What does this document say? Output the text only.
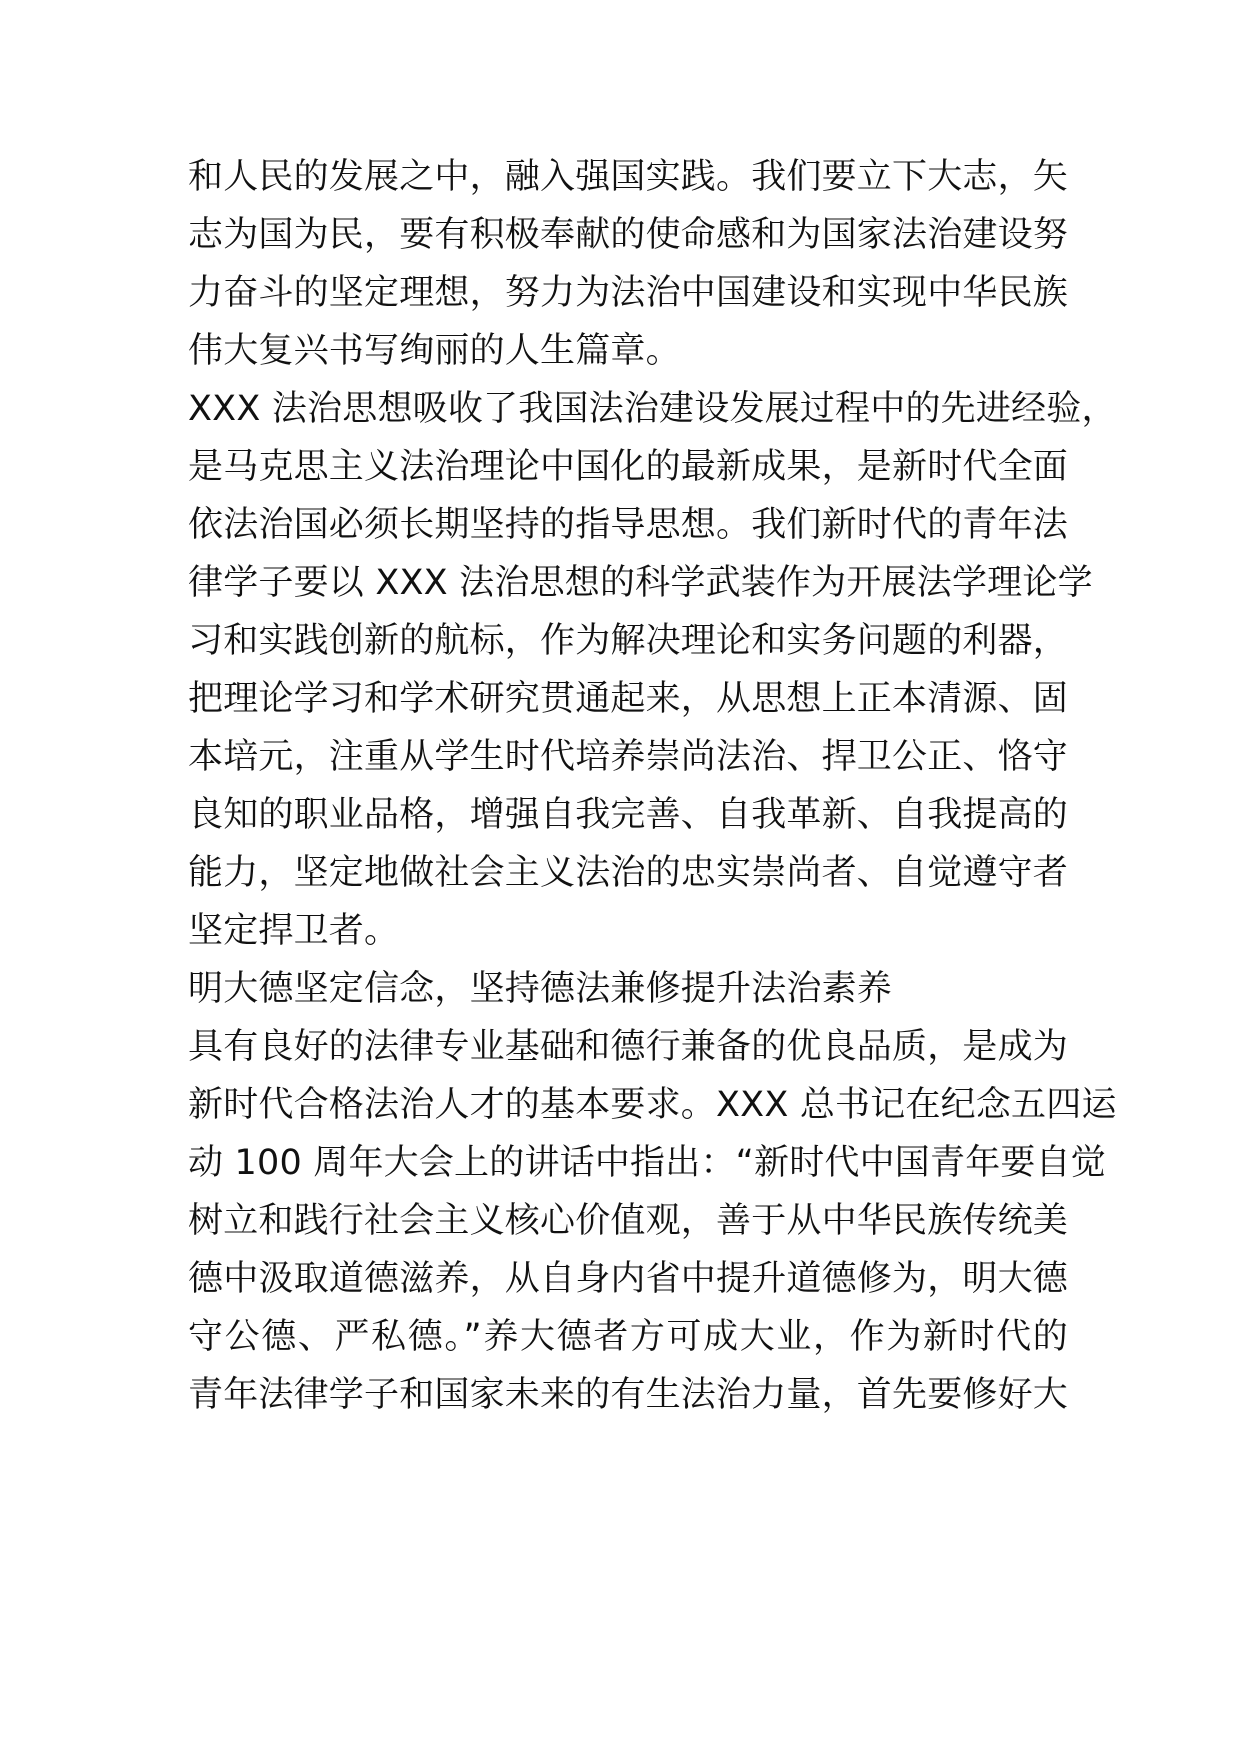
和人民的发展之中，融入强国实践。我们要立下大志，矢
志为国为民，要有积极奉献的使命感和为国家法治建设努
力奋斗的坚定理想，努力为法治中国建设和实现中华民族
伟大复兴书写绚丽的人生篇章。
XXX 法治思想吸收了我国法治建设发展过程中的先进经验，
是马克思主义法治理论中国化的最新成果，是新时代全面
依法治国必须长期坚持的指导思想。我们新时代的青年法
律学子要以 XXX 法治思想的科学武装作为开展法学理论学
习和实践创新的航标，作为解决理论和实务问题的利器，
把理论学习和学术研究贯通起来，从思想上正本清源、固
本培元，注重从学生时代培养崇尚法治、捍卫公正、恪守
良知的职业品格，增强自我完善、自我革新、自我提高的
能力，坚定地做社会主义法治的忠实崇尚者、自觉遵守者
坚定捍卫者。
明大德坚定信念，坚持德法兼修提升法治素养
具有良好的法律专业基础和德行兼备的优良品质，是成为
新时代合格法治人才的基本要求。XXX 总书记在纪念五四运
动 100 周年大会上的讲话中指出：“新时代中国青年要自觉
树立和践行社会主义核心价值观，善于从中华民族传统美
德中汲取道德滋养，从自身内省中提升道德修为，明大德
守公德、严私德。”养大德者方可成大业，作为新时代的
青年法律学子和国家未来的有生法治力量，首先要修好大
